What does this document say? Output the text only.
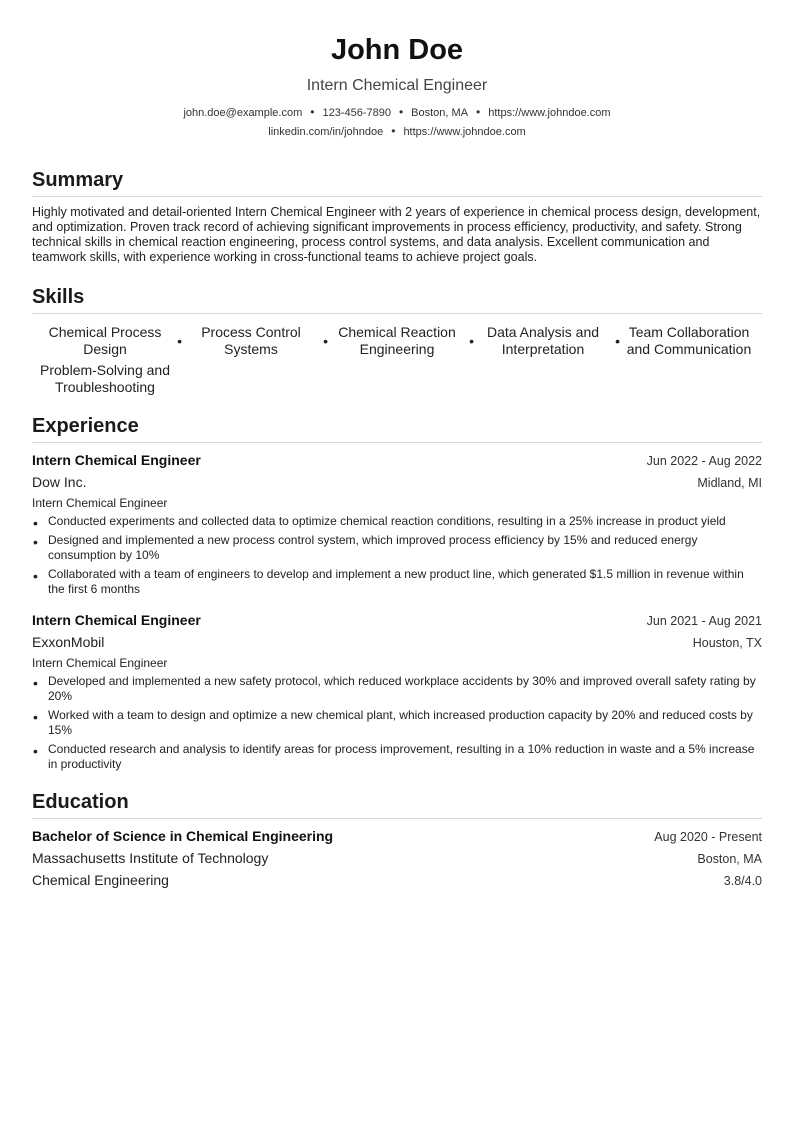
John Doe
Intern Chemical Engineer
john.doe@example.com • 123-456-7890 • Boston, MA • https://www.johndoe.com
linkedin.com/in/johndoe • https://www.johndoe.com
Summary
Highly motivated and detail-oriented Intern Chemical Engineer with 2 years of experience in chemical process design, development, and optimization. Proven track record of achieving significant improvements in process efficiency, productivity, and safety. Strong technical skills in chemical reaction engineering, process control systems, and data analysis. Excellent communication and teamwork skills, with experience working in cross-functional teams to achieve project goals.
Skills
Chemical Process Design	•
Process Control Systems	•
Chemical Reaction Engineering	•
Data Analysis and Interpretation	•
Team Collaboration and Communication
Problem-Solving and Troubleshooting
Experience
Intern Chemical Engineer	Jun 2022 - Aug 2022
Dow Inc.	Midland, MI
Intern Chemical Engineer
• Conducted experiments and collected data to optimize chemical reaction conditions, resulting in a 25% increase in product yield
• Designed and implemented a new process control system, which improved process efficiency by 15% and reduced energy consumption by 10%
• Collaborated with a team of engineers to develop and implement a new product line, which generated $1.5 million in revenue within the first 6 months
Intern Chemical Engineer	Jun 2021 - Aug 2021
ExxonMobil	Houston, TX
Intern Chemical Engineer
• Developed and implemented a new safety protocol, which reduced workplace accidents by 30% and improved overall safety rating by 20%
• Worked with a team to design and optimize a new chemical plant, which increased production capacity by 20% and reduced costs by 15%
• Conducted research and analysis to identify areas for process improvement, resulting in a 10% reduction in waste and a 5% increase in productivity
Education
Bachelor of Science in Chemical Engineering	Aug 2020 - Present
Massachusetts Institute of Technology	Boston, MA
Chemical Engineering	3.8/4.0
